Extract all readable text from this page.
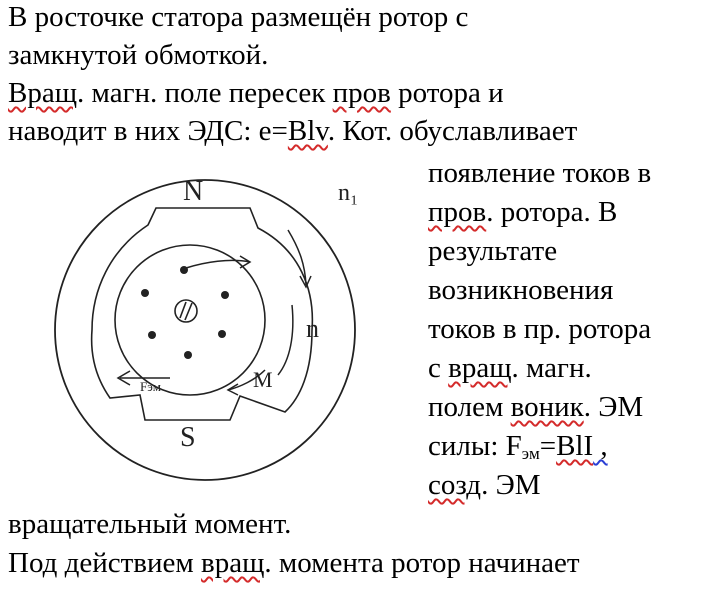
В росточке статора размещён ротор с
замкнутой обмоткой.
Вращ. магн. поле пересек пров ротора и
наводит в них ЭДС: e=Blv. Кот. обуславливает
появление токов в
пров. ротора. В
результате
возникновения
токов в пр. ротора
с вращ. магн.
полем воник. ЭМ
силы: $F_{эм}=BlI$ ,
созд. ЭМ
вращательный момент.
Под действием вращ. момента ротор начинает
N
S
n₁
n
M
Fэм
